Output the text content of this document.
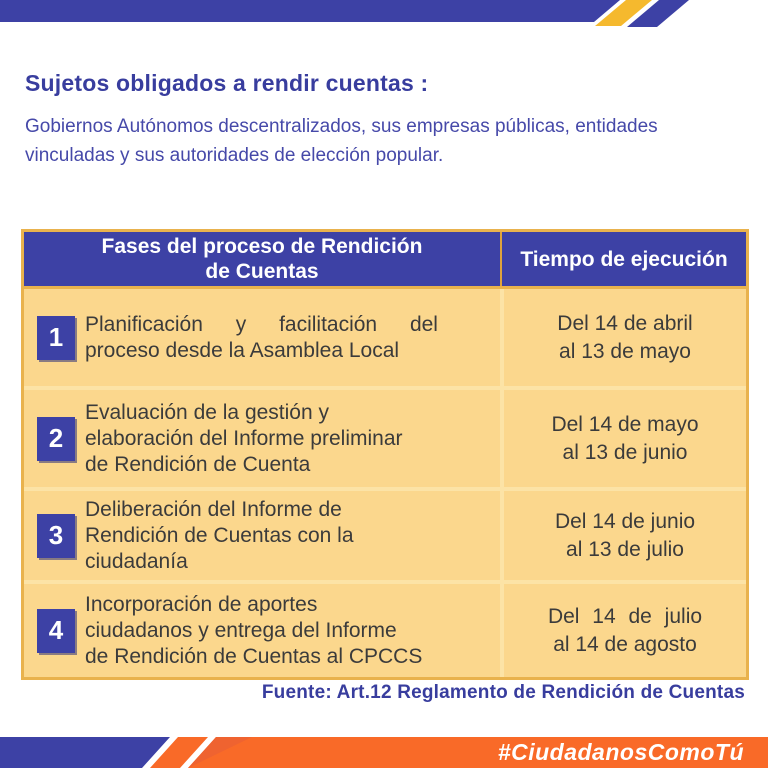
Sujetos obligados a rendir cuentas :
Gobiernos Autónomos descentralizados, sus empresas públicas, entidades vinculadas y sus autoridades de elección popular.
Fases del proceso de Rendición
de Cuentas
Tiempo de ejecución
1	Planificación y facilitación del
proceso desde la Asamblea Local
Del 14 de abril
al 13 de mayo
2
Evaluación de la gestión y
elaboración del Informe preliminar
de Rendición de Cuenta
Del 14 de mayo
al 13 de junio
3
Deliberación del Informe de
Rendición de Cuentas con la
ciudadanía
Del 14 de junio
al 13 de julio
4
Incorporación de aportes
ciudadanos y entrega del Informe
de Rendición de Cuentas al CPCCS
Del 14 de julio
al 14 de agosto
Fuente: Art.12 Reglamento de Rendición de Cuentas
#CiudadanosComoTú
